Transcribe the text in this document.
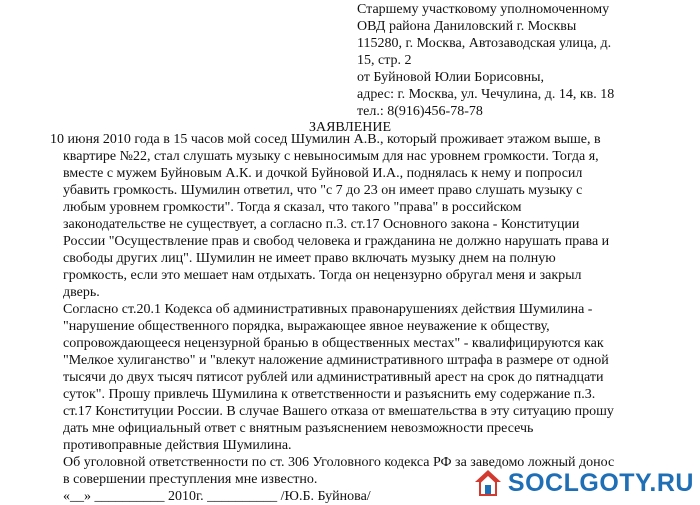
Старшему участковому уполномоченному
ОВД района Даниловский г. Москвы
115280, г. Москва, Автозаводская улица, д.
15, стр. 2
от Буйновой Юлии Борисовны,
адрес: г. Москва, ул. Чечулина, д. 14, кв. 18
тел.: 8(916)456-78-78
ЗАЯВЛЕНИЕ
10 июня 2010 года в 15 часов мой сосед Шумилин А.В., который проживает этажом выше, в
квартире №22, стал слушать музыку с невыносимым для нас уровнем громкости. Тогда я,
вместе с мужем Буйновым А.К. и дочкой Буйновой И.А., поднялась к нему и попросил
убавить громкость. Шумилин ответил, что "с 7 до 23 он имеет право слушать музыку с
любым уровнем громкости". Тогда я сказал, что такого "права" в российском
законодательстве не существует, а согласно п.3. ст.17 Основного закона - Конституции
России "Осуществление прав и свобод человека и гражданина не должно нарушать права и
свободы других лиц". Шумилин не имеет право включать музыку днем на полную
громкость, если это мешает нам отдыхать. Тогда он нецензурно обругал меня и закрыл
дверь.
Согласно ст.20.1 Кодекса об административных правонарушениях действия Шумилина -
"нарушение общественного порядка, выражающее явное неуважение к обществу,
сопровождающееся нецензурной бранью в общественных местах" - квалифицируются как
"Мелкое хулиганство" и "влекут наложение административного штрафа в размере от одной
тысячи до двух тысяч пятисот рублей или административный арест на срок до пятнадцати
суток". Прошу привлечь Шумилина к ответственности и разъяснить ему содержание п.3.
ст.17 Конституции России. В случае Вашего отказа от вмешательства в эту ситуацию прошу
дать мне официальный ответ с внятным разъяснением невозможности пресечь
противоправные действия Шумилина.
Об уголовной ответственности по ст. 306 Уголовного кодекса РФ за заведомо ложный донос
в совершении преступления мне известно.
«__» __________ 2010г. __________ /Ю.Б. Буйнова/	SOCLGOTY.RU
